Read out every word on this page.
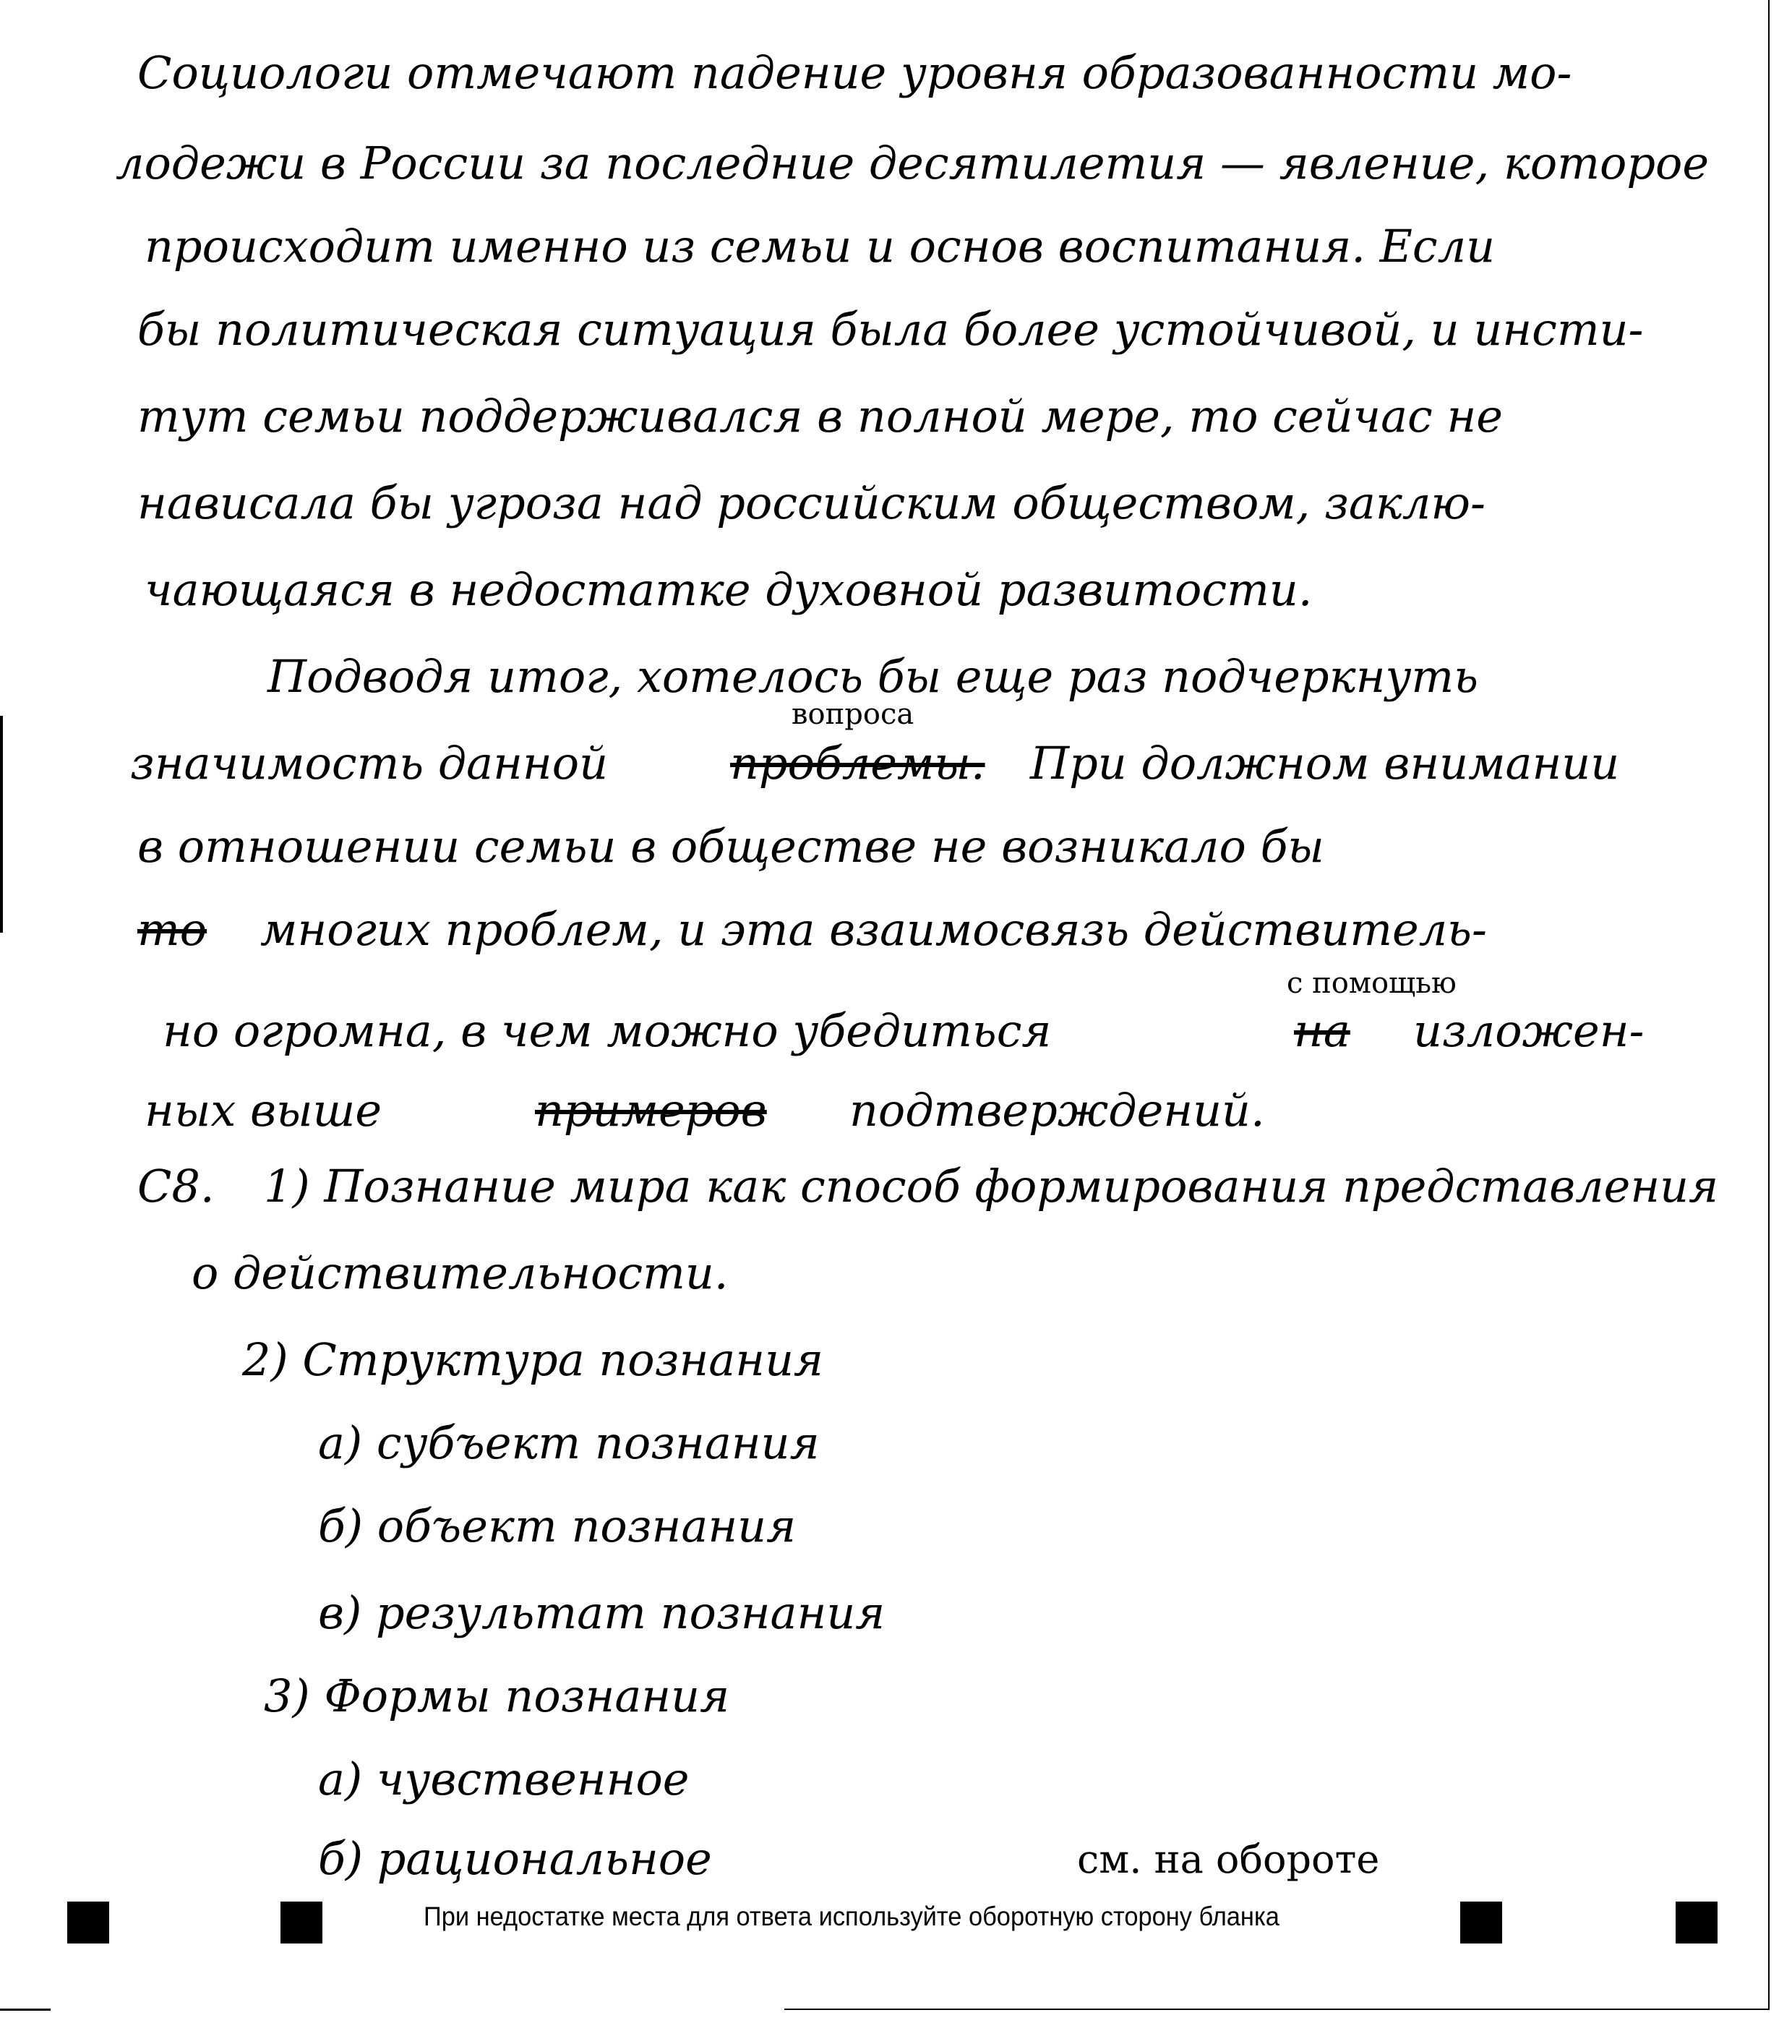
Социологи отмечают падение уровня образованности мо-
лодежи в России за последние десятилетия — явление, которое
происходит именно из семьи и основ воспитания. Если
бы политическая ситуация была более устойчивой, и инсти-
тут семьи поддерживался в полной мере, то сейчас не
нависала бы угроза над российским обществом, заклю-
чающаяся в недостатке духовной развитости.
Подводя итог, хотелось бы еще раз подчеркнуть
вопроса
значимость данной	проблемы. При должном внимании
в отношении семьи в обществе не возникало бы
то многих проблем, и эта взаимосвязь действитель-
с помощью
но огромна, в чем можно убедиться	на изложен-
ных выше	примеров подтверждений.
С8. 1) Познание мира как способ формирования представления
о действительности.
2) Структура познания
а) субъект познания
б) объект познания
в) результат познания
3) Формы познания
а) чувственное
б) рациональное	см. на обороте
При недостатке места для ответа используйте оборотную сторону бланка
